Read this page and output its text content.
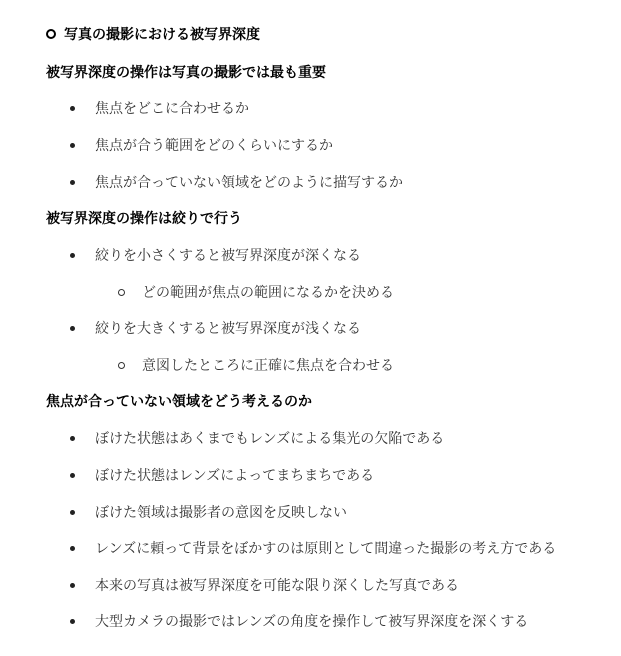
写真の撮影における被写界深度
被写界深度の操作は写真の撮影では最も重要
焦点をどこに合わせるか
焦点が合う範囲をどのくらいにするか
焦点が合っていない領域をどのように描写するか
被写界深度の操作は絞りで行う
絞りを小さくすると被写界深度が深くなる
どの範囲が焦点の範囲になるかを決める
絞りを大きくすると被写界深度が浅くなる
意図したところに正確に焦点を合わせる
焦点が合っていない領域をどう考えるのか
ぼけた状態はあくまでもレンズによる集光の欠陥である
ぼけた状態はレンズによってまちまちである
ぼけた領域は撮影者の意図を反映しない
レンズに頼って背景をぼかすのは原則として間違った撮影の考え方である
本来の写真は被写界深度を可能な限り深くした写真である
大型カメラの撮影ではレンズの角度を操作して被写界深度を深くする
